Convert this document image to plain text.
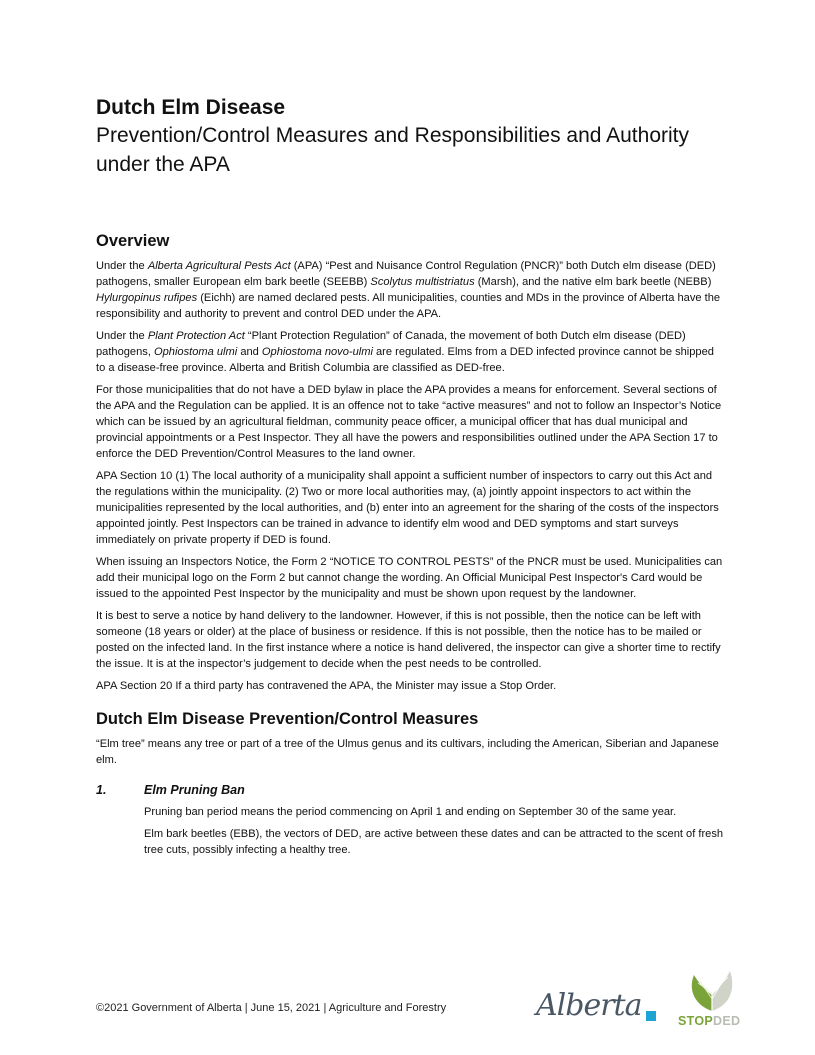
Dutch Elm Disease
Prevention/Control Measures and Responsibilities and Authority
under the APA
Overview

Under the Alberta Agricultural Pests Act (APA) “Pest and Nuisance Control Regulation (PNCR)” both Dutch elm disease (DED) pathogens, smaller European elm bark beetle (SEEBB) Scolytus multistriatus (Marsh), and the native elm bark beetle (NEBB) Hylurgopinus rufipes (Eichh) are named declared pests. All municipalities, counties and MDs in the province of Alberta have the responsibility and authority to prevent and control DED under the APA.

Under the Plant Protection Act “Plant Protection Regulation” of Canada, the movement of both Dutch elm disease (DED) pathogens, Ophiostoma ulmi and Ophiostoma novo-ulmi are regulated. Elms from a DED infected province cannot be shipped to a disease-free province. Alberta and British Columbia are classified as DED-free.

For those municipalities that do not have a DED bylaw in place the APA provides a means for enforcement. Several sections of the APA and the Regulation can be applied. It is an offence not to take “active measures” and not to follow an Inspector’s Notice which can be issued by an agricultural fieldman, community peace officer, a municipal officer that has dual municipal and provincial appointments or a Pest Inspector. They all have the powers and responsibilities outlined under the APA Section 17 to enforce the DED Prevention/Control Measures to the land owner.

APA Section 10 (1) The local authority of a municipality shall appoint a sufficient number of inspectors to carry out this Act and the regulations within the municipality. (2) Two or more local authorities may, (a) jointly appoint inspectors to act within the municipalities represented by the local authorities, and (b) enter into an agreement for the sharing of the costs of the inspectors appointed jointly. Pest Inspectors can be trained in advance to identify elm wood and DED symptoms and start surveys immediately on private property if DED is found.

When issuing an Inspectors Notice, the Form 2 “NOTICE TO CONTROL PESTS” of the PNCR must be used. Municipalities can add their municipal logo on the Form 2 but cannot change the wording. An Official Municipal Pest Inspector's Card would be issued to the appointed Pest Inspector by the municipality and must be shown upon request by the landowner.

It is best to serve a notice by hand delivery to the landowner. However, if this is not possible, then the notice can be left with someone (18 years or older) at the place of business or residence. If this is not possible, then the notice has to be mailed or posted on the infected land. In the first instance where a notice is hand delivered, the inspector can give a shorter time to rectify the issue. It is at the inspector’s judgement to decide when the pest needs to be controlled.

APA Section 20 If a third party has contravened the APA, the Minister may issue a Stop Order.

Dutch Elm Disease Prevention/Control Measures

“Elm tree” means any tree or part of a tree of the Ulmus genus and its cultivars, including the American, Siberian and Japanese elm.

1.	Elm Pruning Ban

Pruning ban period means the period commencing on April 1 and ending on September 30 of the same year.

Elm bark beetles (EBB), the vectors of DED, are active between these dates and can be attracted to the scent of fresh tree cuts, possibly infecting a healthy tree.

©2021 Government of Alberta | June 15, 2021 | Agriculture and Forestry	Alberta	STOPDED
